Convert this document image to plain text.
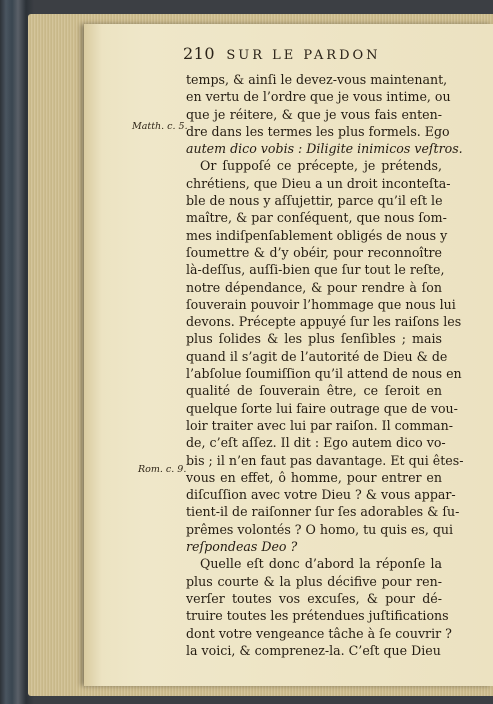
210 SUR LE PARDON
Matth. c. 5.
Rom. c. 9.
temps, & ainſi le devez-vous maintenant,
en vertu de l’ordre que je vous intime, ou
que je réitere, & que je vous fais enten-
dre dans les termes les plus formels. Ego
autem dico vobis : Diligite inimicos veſtros.
Or ſuppoſé ce précepte, je prétends,
chrétiens, que Dieu a un droit inconteſta-
ble de nous y aſſujettir, parce qu’il eſt le
maître, & par conſéquent, que nous ſom-
mes indiſpenſablement obligés de nous y
ſoumettre & d’y obéir, pour reconnoître
là-deſſus, auſſi-bien que ſur tout le reſte,
notre dépendance, & pour rendre à ſon
ſouverain pouvoir l’hommage que nous lui
devons. Précepte appuyé ſur les raiſons les
plus ſolides & les plus ſenſibles ; mais
quand il s’agit de l’autorité de Dieu & de
l’abſolue ſoumiſſion qu’il attend de nous en
qualité de ſouverain être, ce ſeroit en
quelque ſorte lui faire outrage que de vou-
loir traiter avec lui par raiſon. Il comman-
de, c’eſt aſſez. Il dit : Ego autem dico vo-
bis ; il n’en faut pas davantage. Et qui êtes-
vous en effet, ô homme, pour entrer en
diſcuſſion avec votre Dieu ? & vous appar-
tient-il de raiſonner ſur ſes adorables & ſu-
prêmes volontés ? O homo, tu quis es, qui
reſpondeas Deo ?
Quelle eſt donc d’abord la réponſe la
plus courte & la plus décifive pour ren-
verſer toutes vos excuſes, & pour dé-
truire toutes les prétendues juſtifications
dont votre vengeance tâche à ſe couvrir ?
la voici, & comprenez-la. C’eſt que Dieu
